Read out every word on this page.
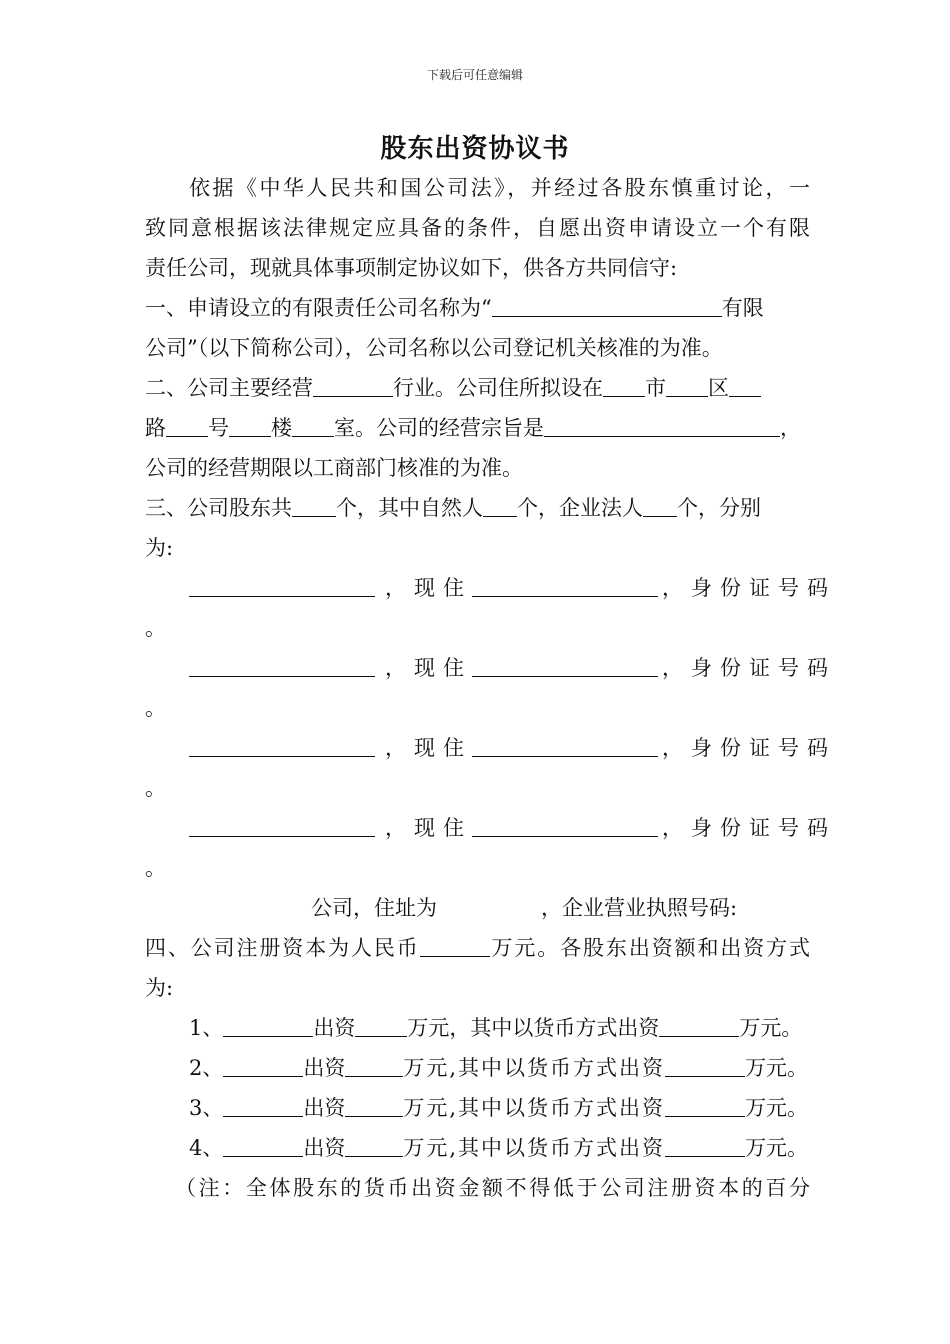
下载后可任意编辑
股东出资协议书
依据《中华人民共和国公司法》，并经过各股东慎重讨论，一
致同意根据该法律规定应具备的条件，自愿出资申请设立一个有限
责任公司，现就具体事项制定协议如下，供各方共同信守:
一、申请设立的有限责任公司名称为“	有限
公司”（以下简称公司），公司名称以公司登记机关核准的为准。
二、公司主要经营	行业。公司住所拟设在 市 区
路 号 楼 室。公司的经营宗旨是	，
公司的经营期限以工商部门核准的为准。
三、公司股东共 个，其中自然人 个，企业法人 个，分别
为:
， 现住	， 身份证号码
。
， 现住	， 身份证号码
。
， 现住	， 身份证号码
。
， 现住	， 身份证号码
。
公司，住址为	，企业营业执照号码:
四、公司注册资本为人民币	万元。各股东出资额和出资方式
为:
1、	出资 万元，其中以货币方式出资	万元。
2、	出资	万元,其中以货币方式出资	万元。
3、	出资	万元,其中以货币方式出资	万元。
4、	出资	万元,其中以货币方式出资	万元。
（注：全体股东的货币出资金额不得低于公司注册资本的百分
